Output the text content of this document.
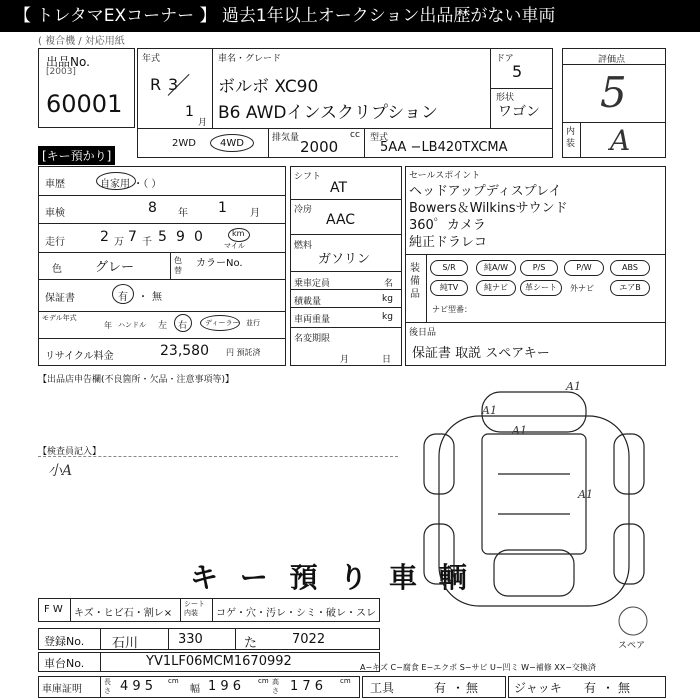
【 トレタマEXコーナー 】 過去1年以上オークション出品歴がない車両
( 複合機 / 対応用紙
出品No.
[2003]
60001
年式
R 3
1
月
車名・グレード
ボルボ XC90
B6 AWDインスクリプション
ドア
5
形状
ワゴン
2WD 4WD	排気量 2000
cc 型式
5AA −LB420TXCMA
評価点
5
内装 A
[キー預かり]
車歴	自家用 ・（ ）
車検	8 年 1 月
走行	2 万 7 千 5 9 0	km
マイル
色	グレー	色替
カラーNo.
保証書	有 ・ 無
モデル年式
年 ハンドル 左 右	ディーラー 並行
リサイクル料金	23,580 円 預託済
シフト
AT
冷房
AAC
燃料
ガソリン
乗車定員	名
積載量	kg
車両重量	kg
名変期限
月	日
セールスポイント
ヘッドアップディスプレイ
Bowers＆Wilkinsサウンド
360゜カメラ
純正ドラレコ
装備品
S/R	純A/W	P/S	P/W	ABS
純TV	純ナビ	革シート	外ナビ	エアB
ナビ型番：
後日品
保証書 取説 スペアキー
【出品店申告欄(不良箇所・欠品・注意事項等)】
【検査員記入】
小A
キ ー 預 り 車 輌
A1
A1
A1
A1
スペア
F W キズ・ヒビ石・割レ×
シート内装	コゲ・穴・汚レ・シミ・破レ・スレ
登録No. 石川	330	た	7022
車台No.	YV1LF06MCM1670992	A−キズ C−腐食 E−エクボ S−サビ U−凹ミ W−補修 XX−交換済
車庫証明
長さ 4 9 5 cm
幅 1 9 6 cm 高さ 1 7 6 cm 工具	有 ・ 無	ジャッキ 有 ・ 無
